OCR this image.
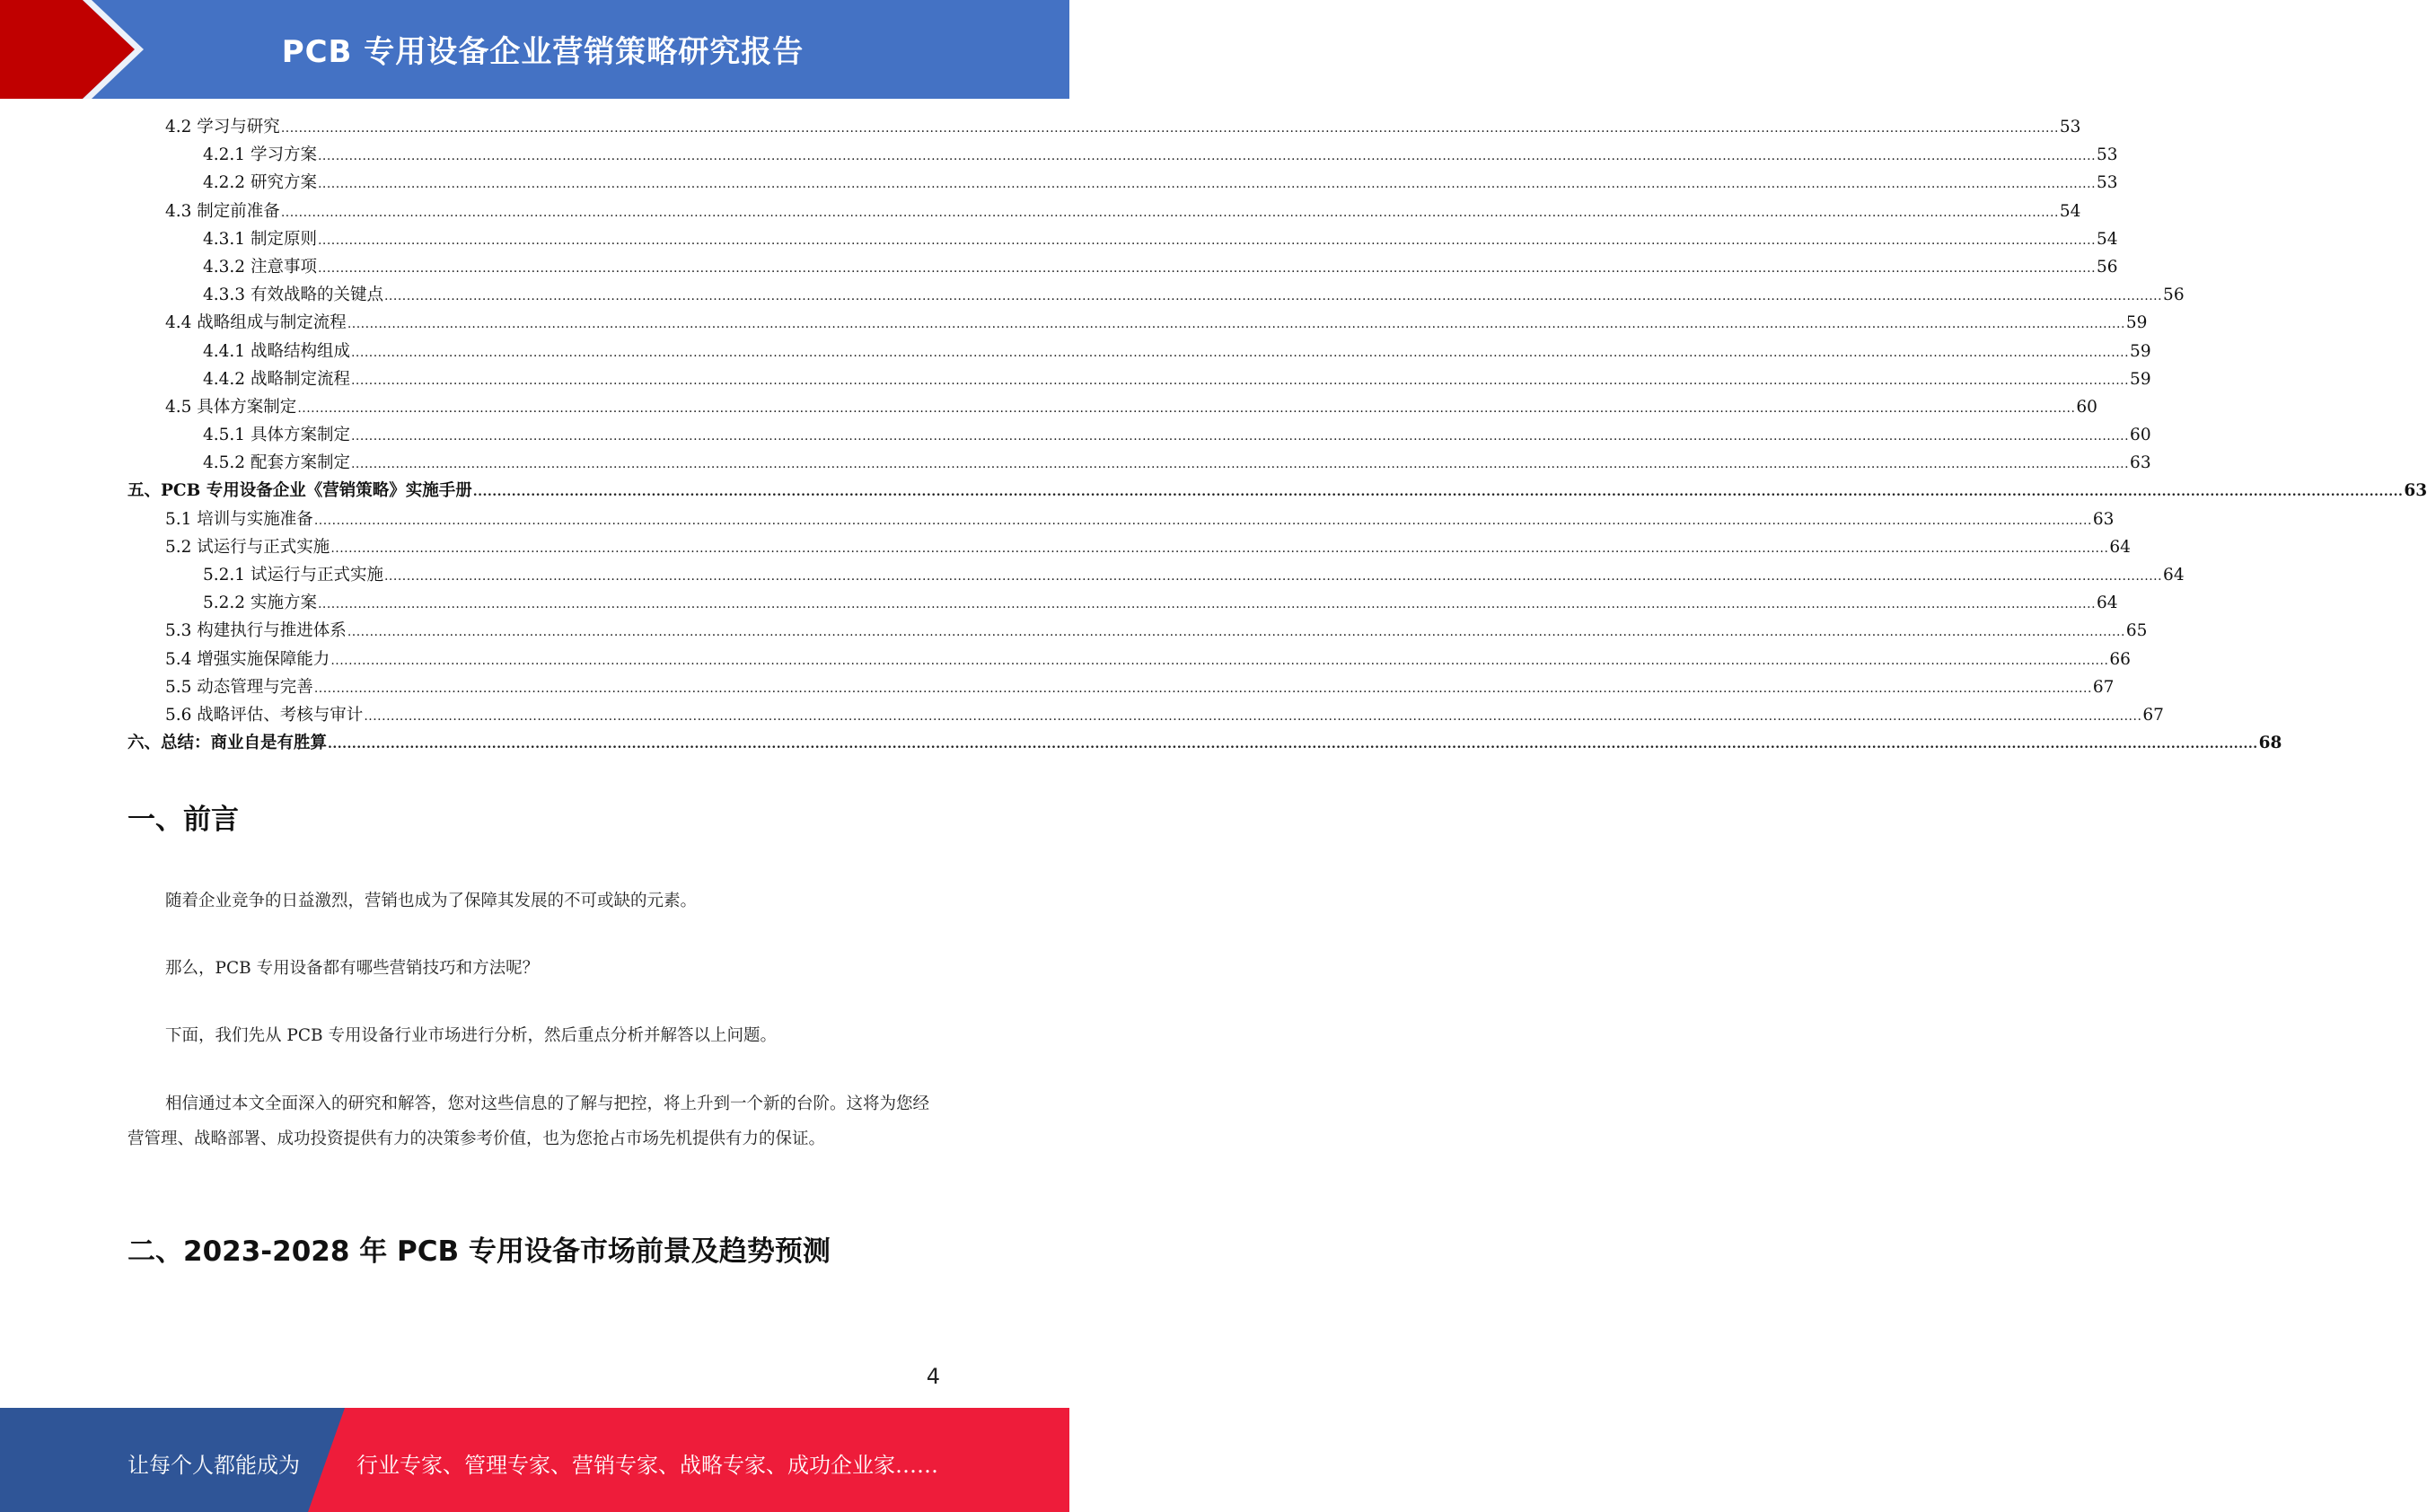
PCB 专用设备企业营销策略研究报告
4.2 学习与研究 ................................................................................................................................................................................................................................................................................................................................................................................................................ 53
4.2.1 学习方案 ................................................................................................................................................................................................................................................................................................................................................................................................................ 53
4.2.2 研究方案 ................................................................................................................................................................................................................................................................................................................................................................................................................ 53
4.3 制定前准备 ................................................................................................................................................................................................................................................................................................................................................................................................................ 54
4.3.1 制定原则 ................................................................................................................................................................................................................................................................................................................................................................................................................ 54
4.3.2 注意事项 ................................................................................................................................................................................................................................................................................................................................................................................................................ 56
4.3.3 有效战略的关键点 ................................................................................................................................................................................................................................................................................................................................................................................................................ 56
4.4 战略组成与制定流程 ................................................................................................................................................................................................................................................................................................................................................................................................................ 59
4.4.1 战略结构组成 ................................................................................................................................................................................................................................................................................................................................................................................................................ 59
4.4.2 战略制定流程 ................................................................................................................................................................................................................................................................................................................................................................................................................ 59
4.5 具体方案制定 ................................................................................................................................................................................................................................................................................................................................................................................................................ 60
4.5.1 具体方案制定 ................................................................................................................................................................................................................................................................................................................................................................................................................ 60
4.5.2 配套方案制定 ................................................................................................................................................................................................................................................................................................................................................................................................................ 63
五、PCB 专用设备企业《营销策略》实施手册 ................................................................................................................................................................................................................................................................................................................................................................................................................ 63
5.1 培训与实施准备 ................................................................................................................................................................................................................................................................................................................................................................................................................ 63
5.2 试运行与正式实施 ................................................................................................................................................................................................................................................................................................................................................................................................................ 64
5.2.1 试运行与正式实施 ................................................................................................................................................................................................................................................................................................................................................................................................................ 64
5.2.2 实施方案 ................................................................................................................................................................................................................................................................................................................................................................................................................ 64
5.3 构建执行与推进体系 ................................................................................................................................................................................................................................................................................................................................................................................................................ 65
5.4 增强实施保障能力 ................................................................................................................................................................................................................................................................................................................................................................................................................ 66
5.5 动态管理与完善 ................................................................................................................................................................................................................................................................................................................................................................................................................ 67
5.6 战略评估、考核与审计 ................................................................................................................................................................................................................................................................................................................................................................................................................ 67
六、总结：商业自是有胜算 ................................................................................................................................................................................................................................................................................................................................................................................................................ 68
一、前言

随着企业竞争的日益激烈，营销也成为了保障其发展的不可或缺的元素。

那么，PCB 专用设备都有哪些营销技巧和方法呢？

下面，我们先从 PCB 专用设备行业市场进行分析，然后重点分析并解答以上问题。

相信通过本文全面深入的研究和解答，您对这些信息的了解与把控，将上升到一个新的台阶。这将为您经营管理、战略部署、成功投资提供有力的决策参考价值，也为您抢占市场先机提供有力的保证。

二、2023-2028 年 PCB 专用设备市场前景及趋势预测
4
让每个人都能成为	行业专家、管理专家、营销专家、战略专家、成功企业家……
